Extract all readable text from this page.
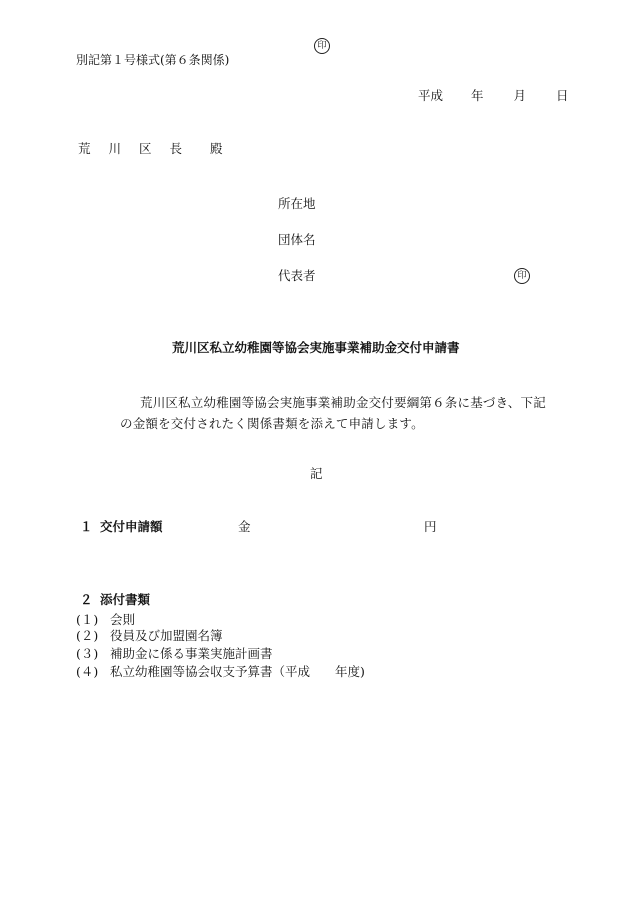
印
別記第１号様式(第６条関係)
平成 年 月 日
荒 川 区 長 殿
所在地
団体名
代表者	印
荒川区私立幼稚園等協会実施事業補助金交付申請書
荒川区私立幼稚園等協会実施事業補助金交付要綱第６条に基づき、下記の金額を交付されたく関係書類を添えて申請します。
記
１ 交付申請額	金	円
２ 添付書類
(１) 会則
(２) 役員及び加盟園名簿
(３) 補助金に係る事業実施計画書
(４) 私立幼稚園等協会収支予算書（平成　　年度)
